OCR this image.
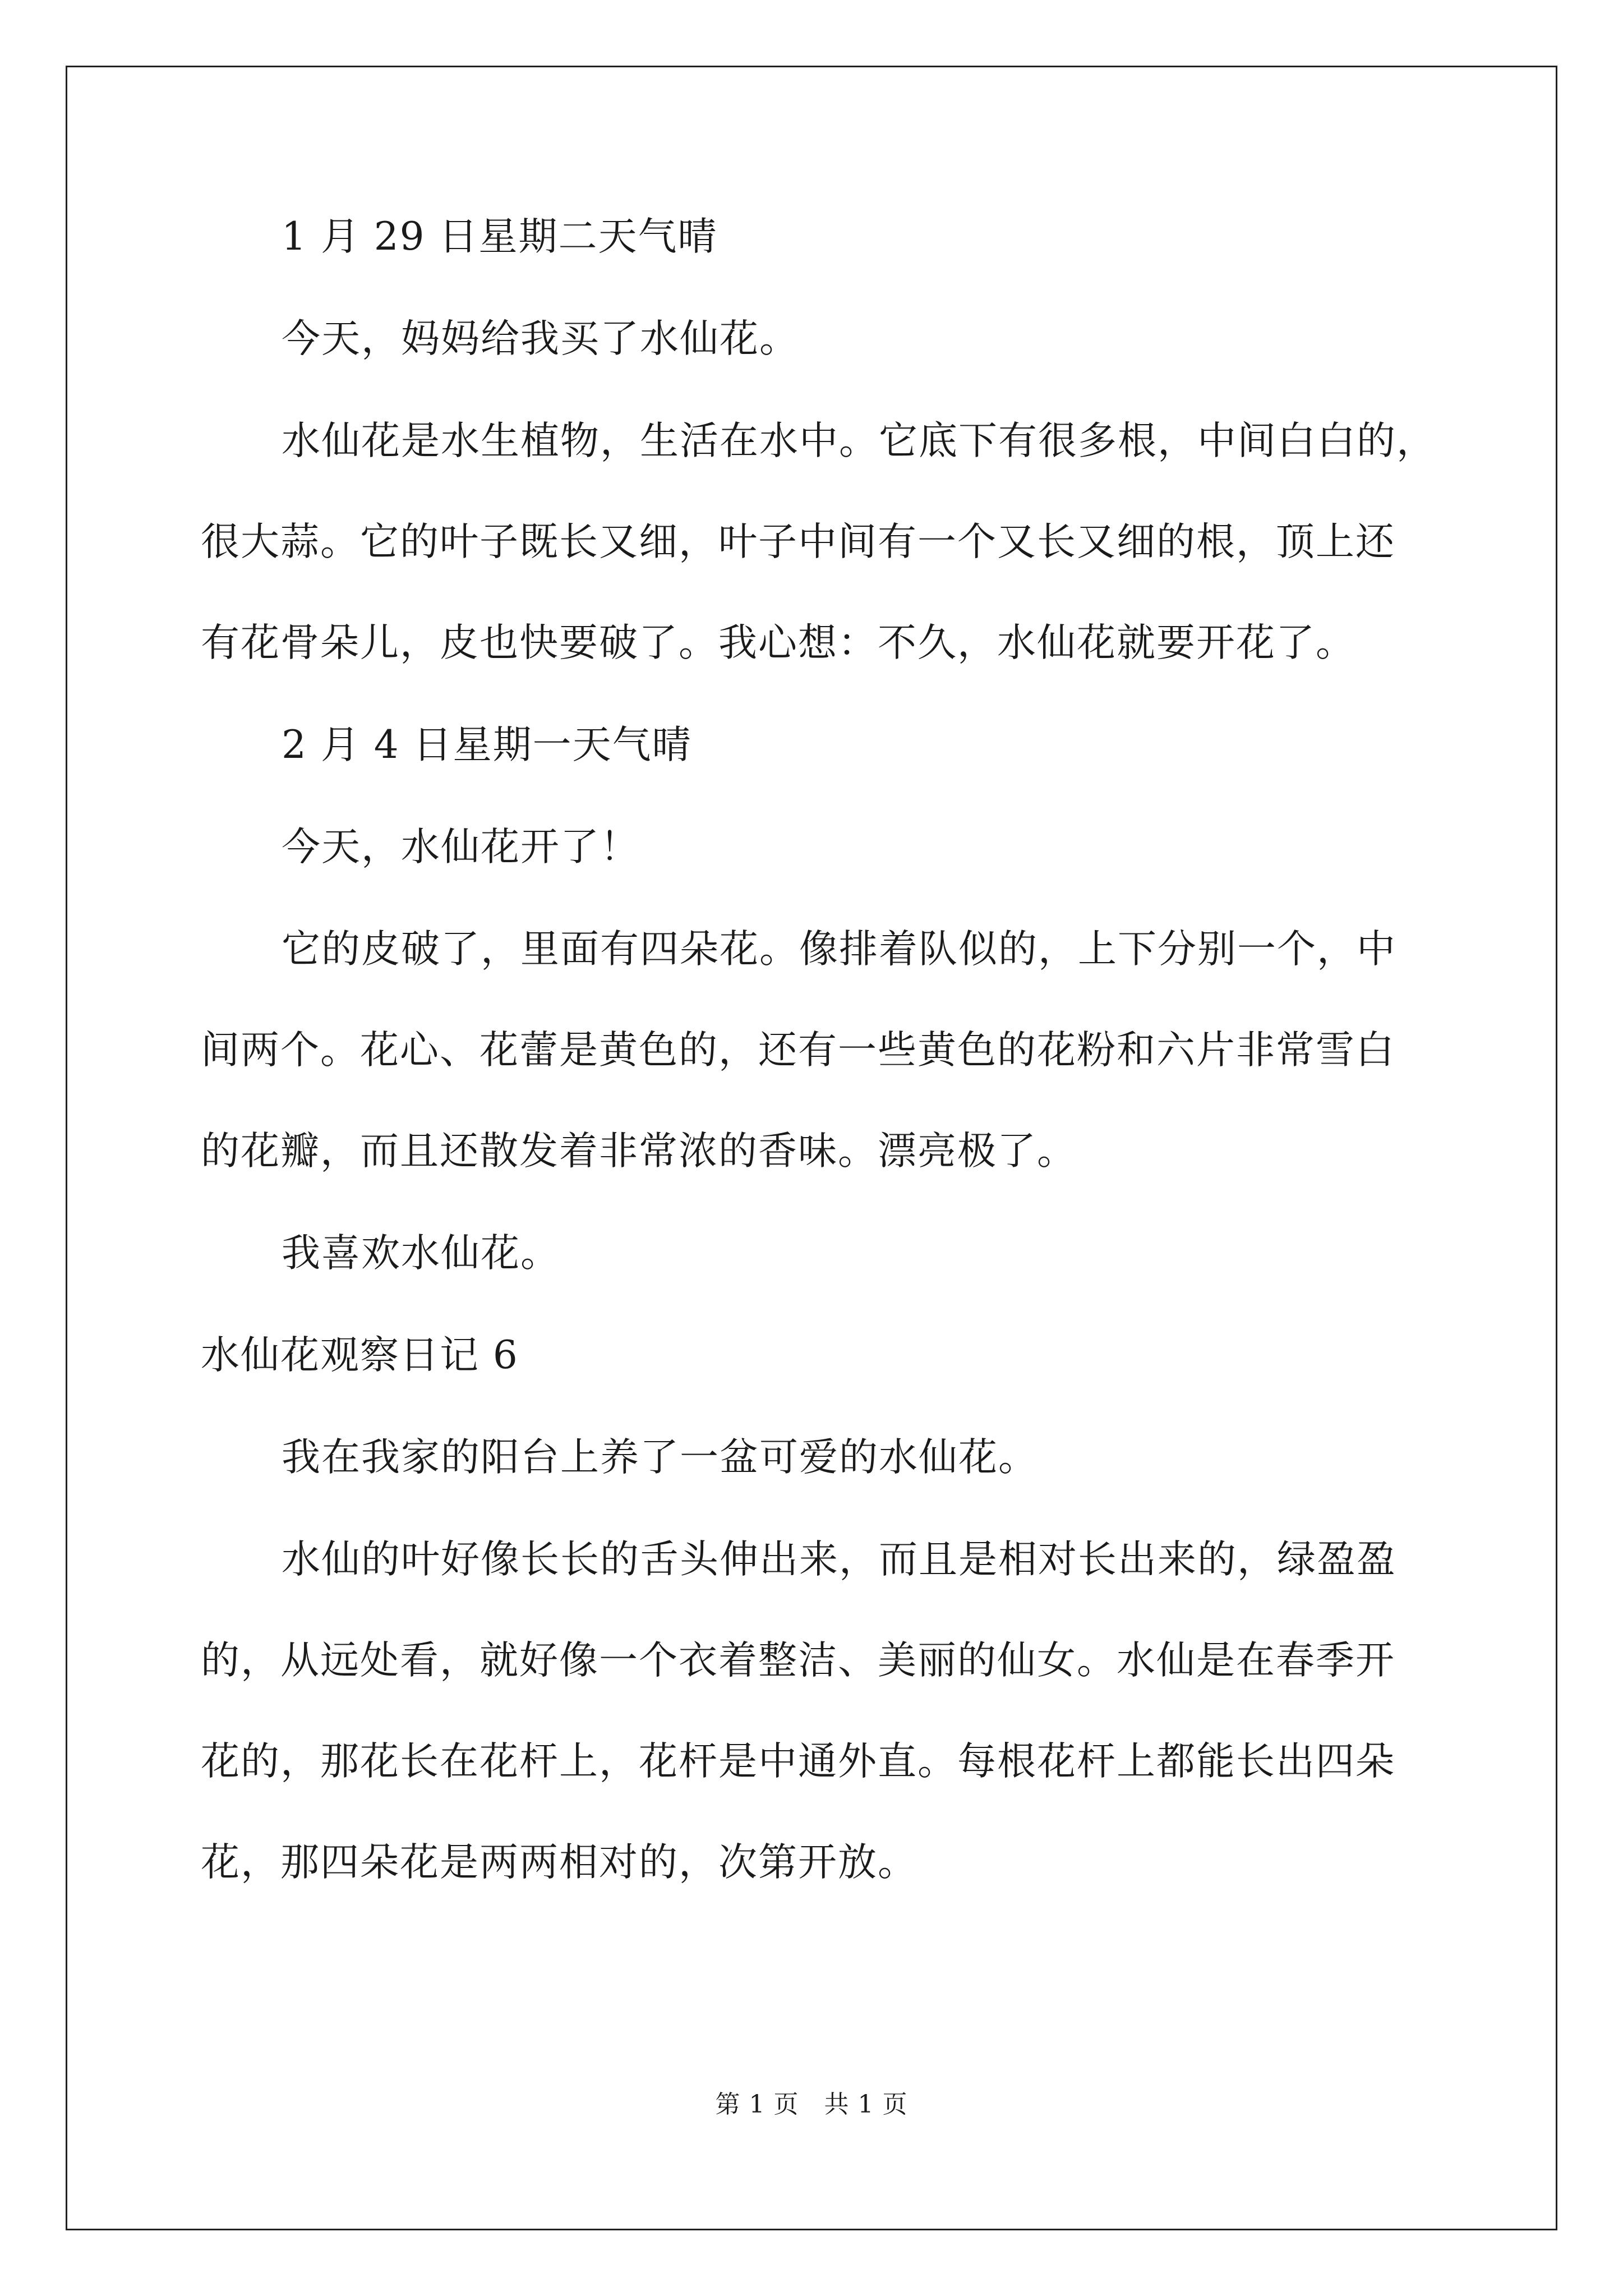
1 月 29 日星期二天气晴

今天，妈妈给我买了水仙花。

水仙花是水生植物，生活在水中。它底下有很多根，中间白白的，

很大蒜。它的叶子既长又细，叶子中间有一个又长又细的根，顶上还

有花骨朵儿，皮也快要破了。我心想：不久，水仙花就要开花了。

2 月 4 日星期一天气晴

今天，水仙花开了！

它的皮破了，里面有四朵花。像排着队似的，上下分别一个，中

间两个。花心、花蕾是黄色的，还有一些黄色的花粉和六片非常雪白

的花瓣，而且还散发着非常浓的香味。漂亮极了。

我喜欢水仙花。

水仙花观察日记 6

我在我家的阳台上养了一盆可爱的水仙花。

水仙的叶好像长长的舌头伸出来，而且是相对长出来的，绿盈盈

的，从远处看，就好像一个衣着整洁、美丽的仙女。水仙是在春季开

花的，那花长在花杆上，花杆是中通外直。每根花杆上都能长出四朵

花，那四朵花是两两相对的，次第开放。

第 1 页　共 1 页
